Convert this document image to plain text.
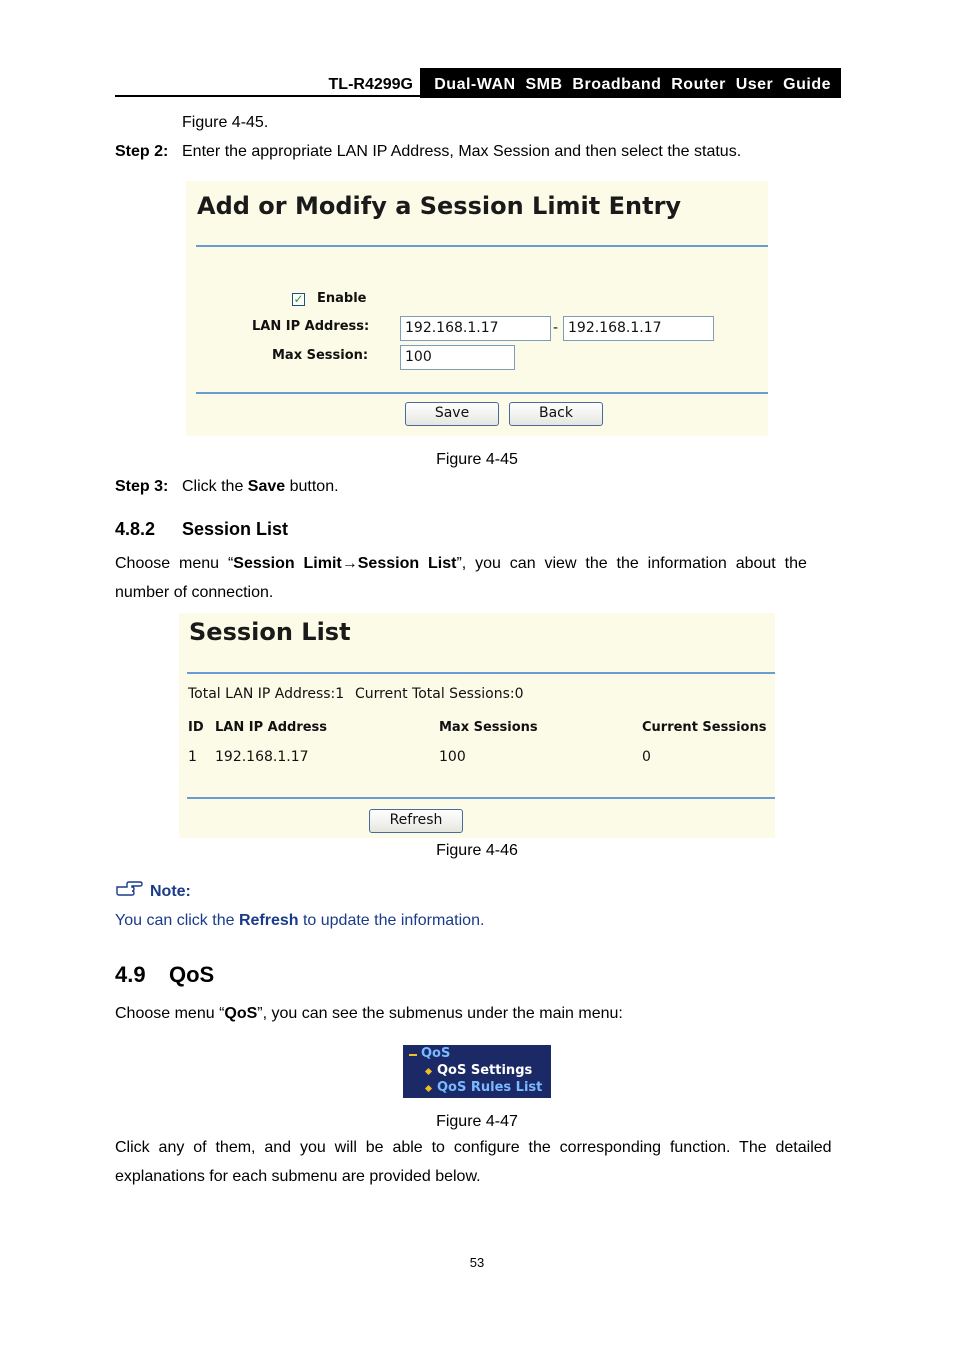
TL-R4299G	Dual-WAN  SMB  Broadband  Router  User  Guide
Figure 4-45.
Step 2: Enter the appropriate LAN IP Address, Max Session and then select the status.
Add or Modify a Session Limit Entry
✓ Enable
LAN IP Address:	192.168.1.17	- 192.168.1.17
Max Session:	100
Save	Back
Figure 4-45
Step 3: Click the Save button.
4.8.2 Session List
Choose  menu  “Session  Limit→Session  List”,  you  can  view  the  the  information  about  the
number of connection.
Session List
Total LAN IP Address:1 Current Total Sessions:0
ID LAN IP Address	Max Sessions	Current Sessions
1 192.168.1.17	100	0
Refresh
Figure 4-46
Note:
You can click the Refresh to update the information.
4.9 QoS
Choose menu “QoS”, you can see the submenus under the main menu:
QoS
QoS Settings
QoS Rules List
Figure 4-47
Click  any  of  them,  and  you  will  be  able  to  configure  the  corresponding  function.  The  detailed
explanations for each submenu are provided below.
53
